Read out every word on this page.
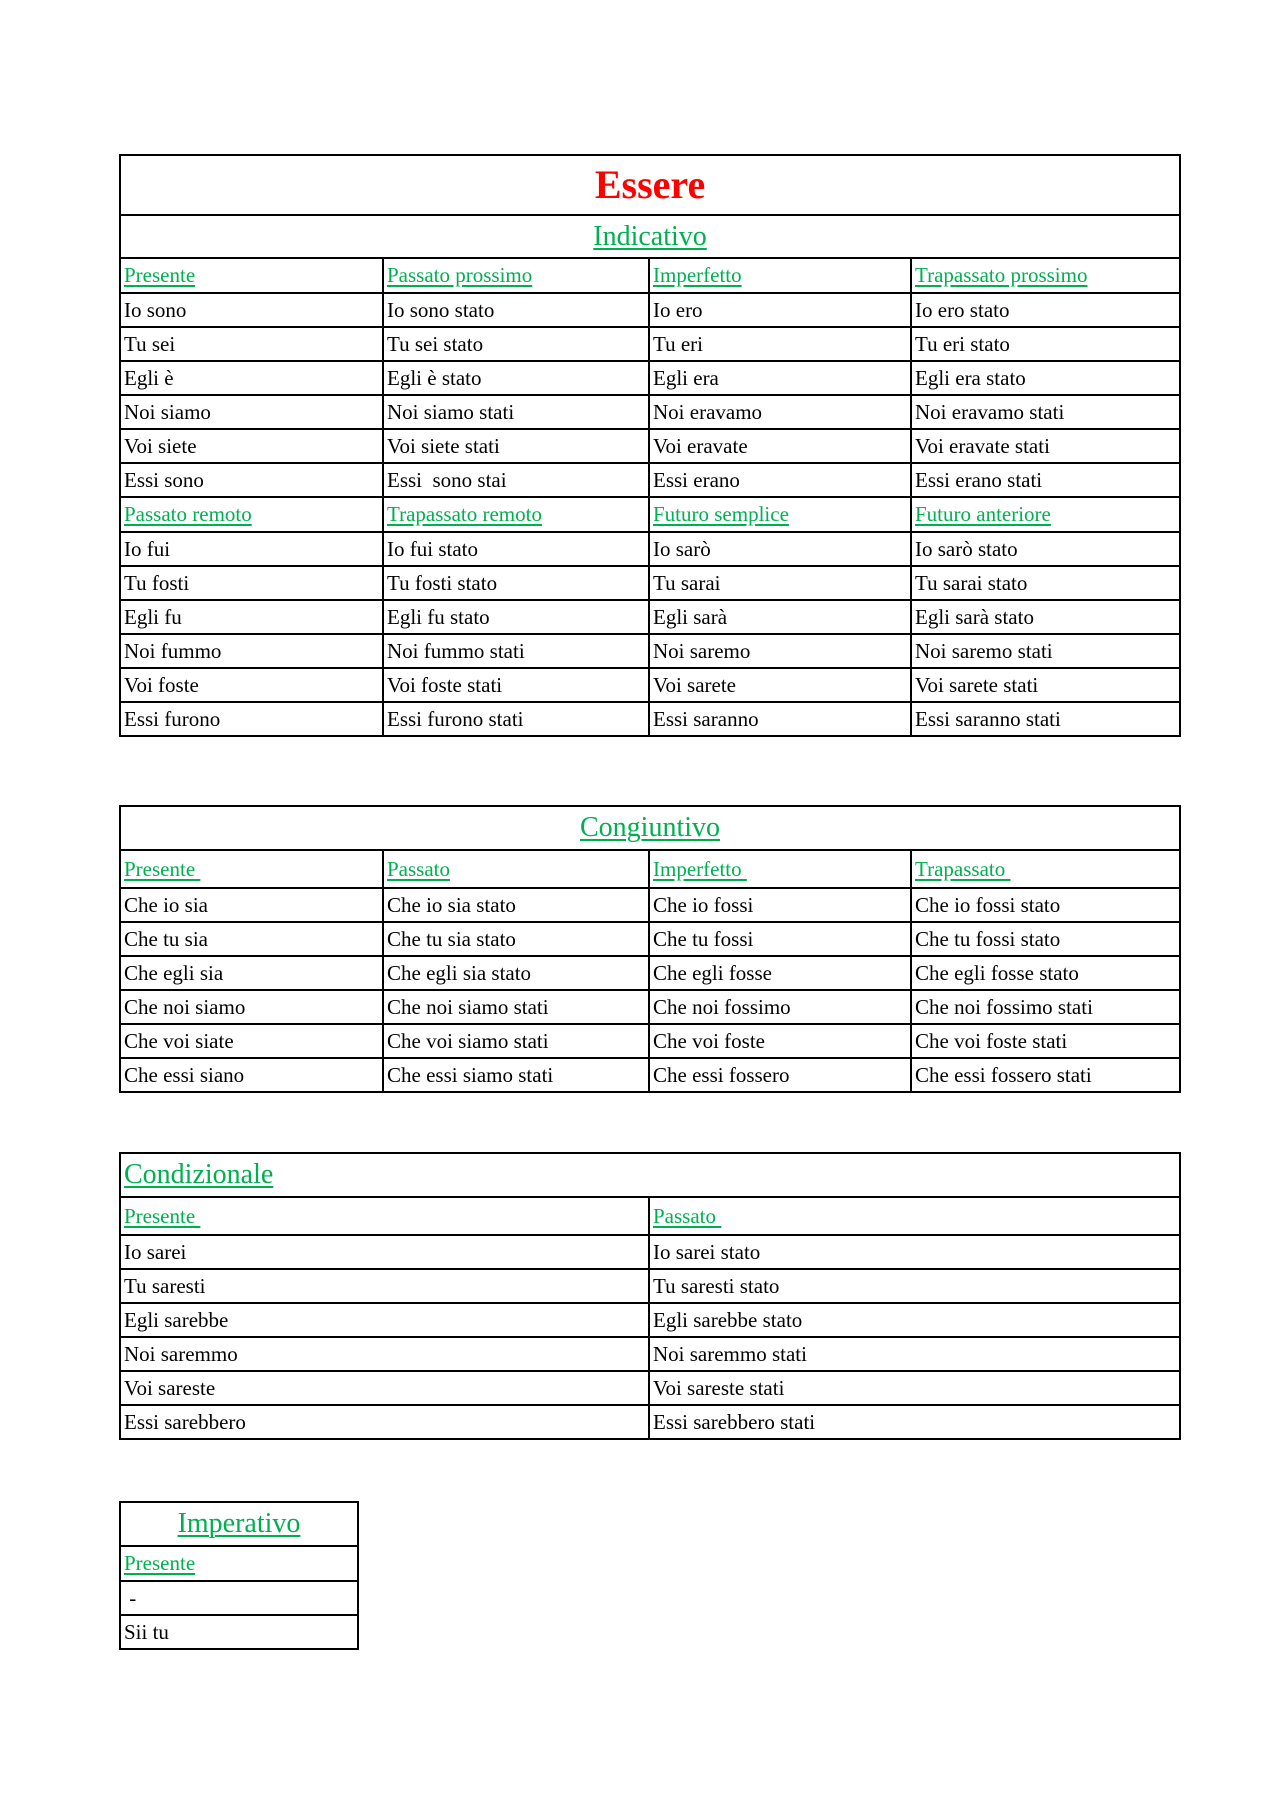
Essere			
Indicativo			
Presente	Passato prossimo	Imperfetto	Trapassato prossimo
Io sono	Io sono stato	Io ero	Io ero stato
Tu sei	Tu sei stato	Tu eri	Tu eri stato
Egli è	Egli è stato	Egli era	Egli era stato
Noi siamo	Noi siamo stati	Noi eravamo	Noi eravamo stati
Voi siete	Voi siete stati	Voi eravate	Voi eravate stati
Essi sono	Essi  sono stai	Essi erano	Essi erano stati
Passato remoto	Trapassato remoto	Futuro semplice	Futuro anteriore
Io fui	Io fui stato	Io sarò	Io sarò stato
Tu fosti	Tu fosti stato	Tu sarai	Tu sarai stato
Egli fu	Egli fu stato	Egli sarà	Egli sarà stato
Noi fummo	Noi fummo stati	Noi saremo	Noi saremo stati
Voi foste	Voi foste stati	Voi sarete	Voi sarete stati
Essi furono	Essi furono stati	Essi saranno	Essi saranno stati
Congiuntivo			
Presente	Passato	Imperfetto	Trapassato
Che io sia	Che io sia stato	Che io fossi	Che io fossi stato
Che tu sia	Che tu sia stato	Che tu fossi	Che tu fossi stato
Che egli sia	Che egli sia stato	Che egli fosse	Che egli fosse stato
Che noi siamo	Che noi siamo stati	Che noi fossimo	Che noi fossimo stati
Che voi siate	Che voi siamo stati	Che voi foste	Che voi foste stati
Che essi siano	Che essi siamo stati	Che essi fossero	Che essi fossero stati
Condizionale	
Presente	Passato
Io sarei	Io sarei stato
Tu saresti	Tu saresti stato
Egli sarebbe	Egli sarebbe stato
Noi saremmo	Noi saremmo stati
Voi sareste	Voi sareste stati
Essi sarebbero	Essi sarebbero stati
Imperativo
Presente
-
Sii tu
